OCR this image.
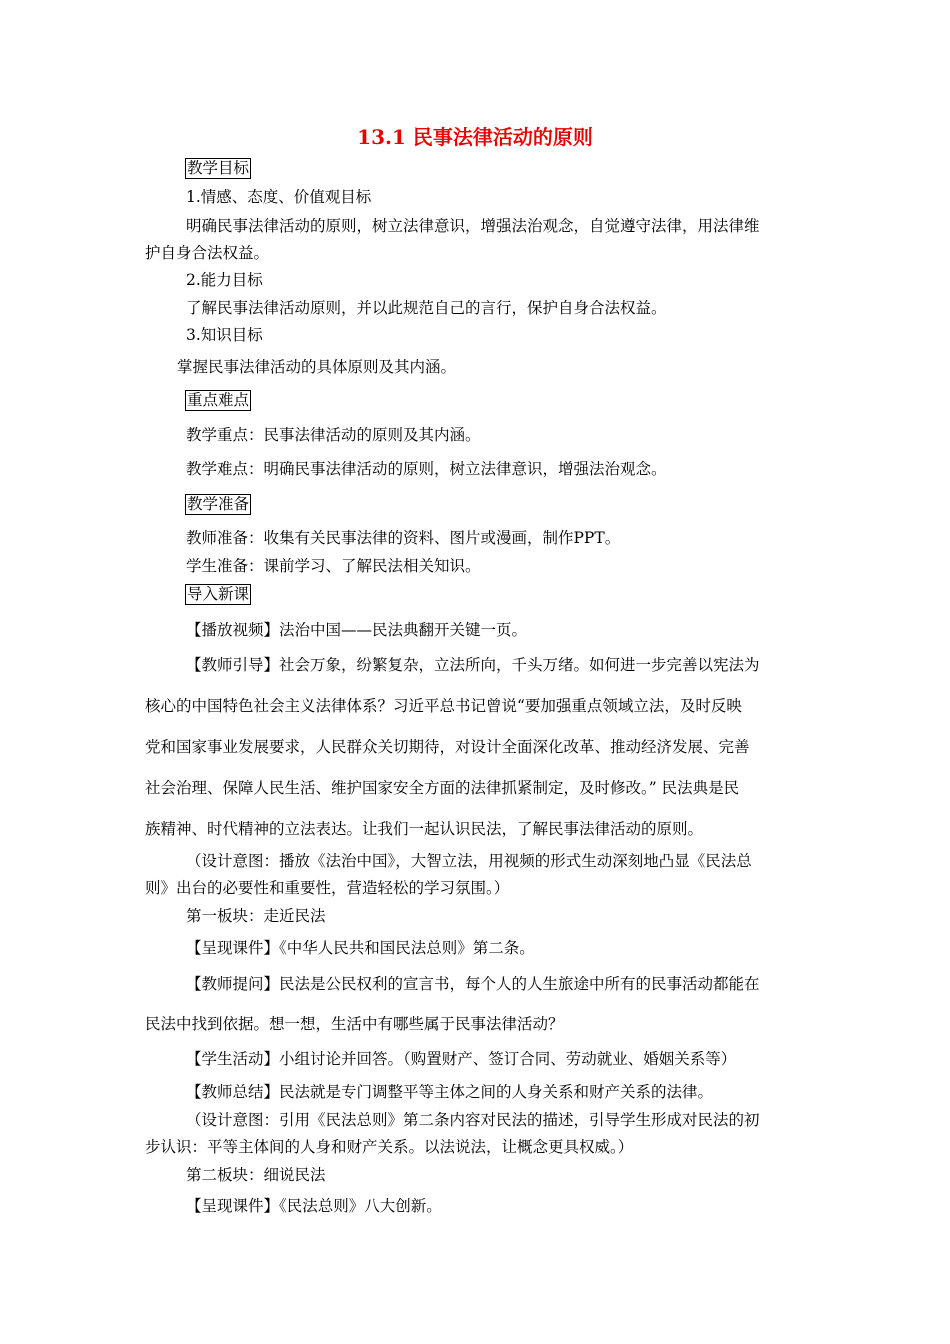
13.1 民事法律活动的原则
教学目标
1.情感、态度、价值观目标
明确民事法律活动的原则，树立法律意识，增强法治观念，自觉遵守法律，用法律维
护自身合法权益。
2.能力目标
了解民事法律活动原则，并以此规范自己的言行，保护自身合法权益。
3.知识目标
掌握民事法律活动的具体原则及其内涵。
重点难点
教学重点：民事法律活动的原则及其内涵。
教学难点：明确民事法律活动的原则，树立法律意识，增强法治观念。
教学准备
教师准备：收集有关民事法律的资料、图片或漫画，制作PPT。
学生准备：课前学习、了解民法相关知识。
导入新课
【播放视频】法治中国——民法典翻开关键一页。
【教师引导】社会万象，纷繁复杂，立法所向，千头万绪。如何进一步完善以宪法为
核心的中国特色社会主义法律体系？习近平总书记曾说“要加强重点领域立法，及时反映
党和国家事业发展要求，人民群众关切期待，对设计全面深化改革、推动经济发展、完善
社会治理、保障人民生活、维护国家安全方面的法律抓紧制定，及时修改。” 民法典是民
族精神、时代精神的立法表达。让我们一起认识民法，了解民事法律活动的原则。
（设计意图：播放《法治中国》，大智立法，用视频的形式生动深刻地凸显《民法总
则》出台的必要性和重要性，营造轻松的学习氛围。）
第一板块：走近民法
【呈现课件】《中华人民共和国民法总则》第二条。
【教师提问】民法是公民权利的宣言书，每个人的人生旅途中所有的民事活动都能在
民法中找到依据。想一想，生活中有哪些属于民事法律活动？
【学生活动】小组讨论并回答。（购置财产、签订合同、劳动就业、婚姻关系等）
【教师总结】民法就是专门调整平等主体之间的人身关系和财产关系的法律。
（设计意图：引用《民法总则》第二条内容对民法的描述，引导学生形成对民法的初
步认识：平等主体间的人身和财产关系。以法说法，让概念更具权威。）
第二板块：细说民法
【呈现课件】《民法总则》八大创新。
